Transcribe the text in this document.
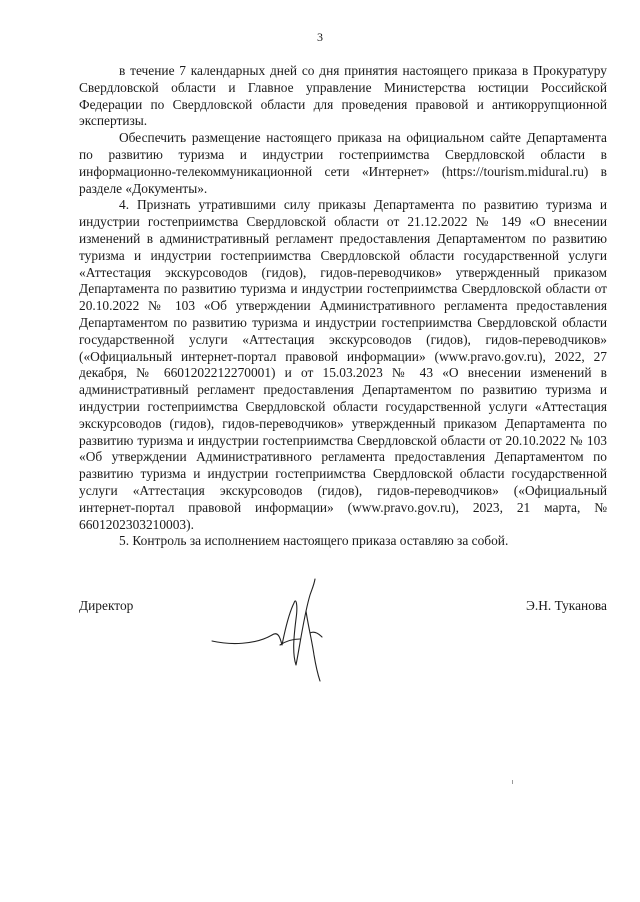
3

в течение 7 календарных дней со дня принятия настоящего приказа в Прокуратуру Свердловской области и Главное управление Министерства юстиции Российской Федерации по Свердловской области для проведения правовой и антикоррупционной экспертизы.

Обеспечить размещение настоящего приказа на официальном сайте Департамента по развитию туризма и индустрии гостеприимства Свердловской области в информационно-телекоммуникационной сети «Интернет» (https://tourism.midural.ru) в разделе «Документы».

4. Признать утратившими силу приказы Департамента по развитию туризма и индустрии гостеприимства Свердловской области от 21.12.2022 № 149 «О внесении изменений в административный регламент предоставления Департаментом по развитию туризма и индустрии гостеприимства Свердловской области государственной услуги «Аттестация экскурсоводов (гидов), гидов-переводчиков» утвержденный приказом Департамента по развитию туризма и индустрии гостеприимства Свердловской области от 20.10.2022 № 103 «Об утверждении Административного регламента предоставления Департаментом по развитию туризма и индустрии гостеприимства Свердловской области государственной услуги «Аттестация экскурсоводов (гидов), гидов-переводчиков» («Официальный интернет-портал правовой информации» (www.pravo.gov.ru), 2022, 27 декабря, № 6601202212270001) и от 15.03.2023 № 43 «О внесении изменений в административный регламент предоставления Департаментом по развитию туризма и индустрии гостеприимства Свердловской области государственной услуги «Аттестация экскурсоводов (гидов), гидов-переводчиков» утвержденный приказом Департамента по развитию туризма и индустрии гостеприимства Свердловской области от 20.10.2022 № 103 «Об утверждении Административного регламента предоставления Департаментом по развитию туризма и индустрии гостеприимства Свердловской области государственной услуги «Аттестация экскурсоводов (гидов), гидов-переводчиков» («Официальный интернет-портал правовой информации» (www.pravo.gov.ru), 2023, 21 марта, № 6601202303210003).

5. Контроль за исполнением настоящего приказа оставляю за собой.

Директор	Э.Н. Туканова
